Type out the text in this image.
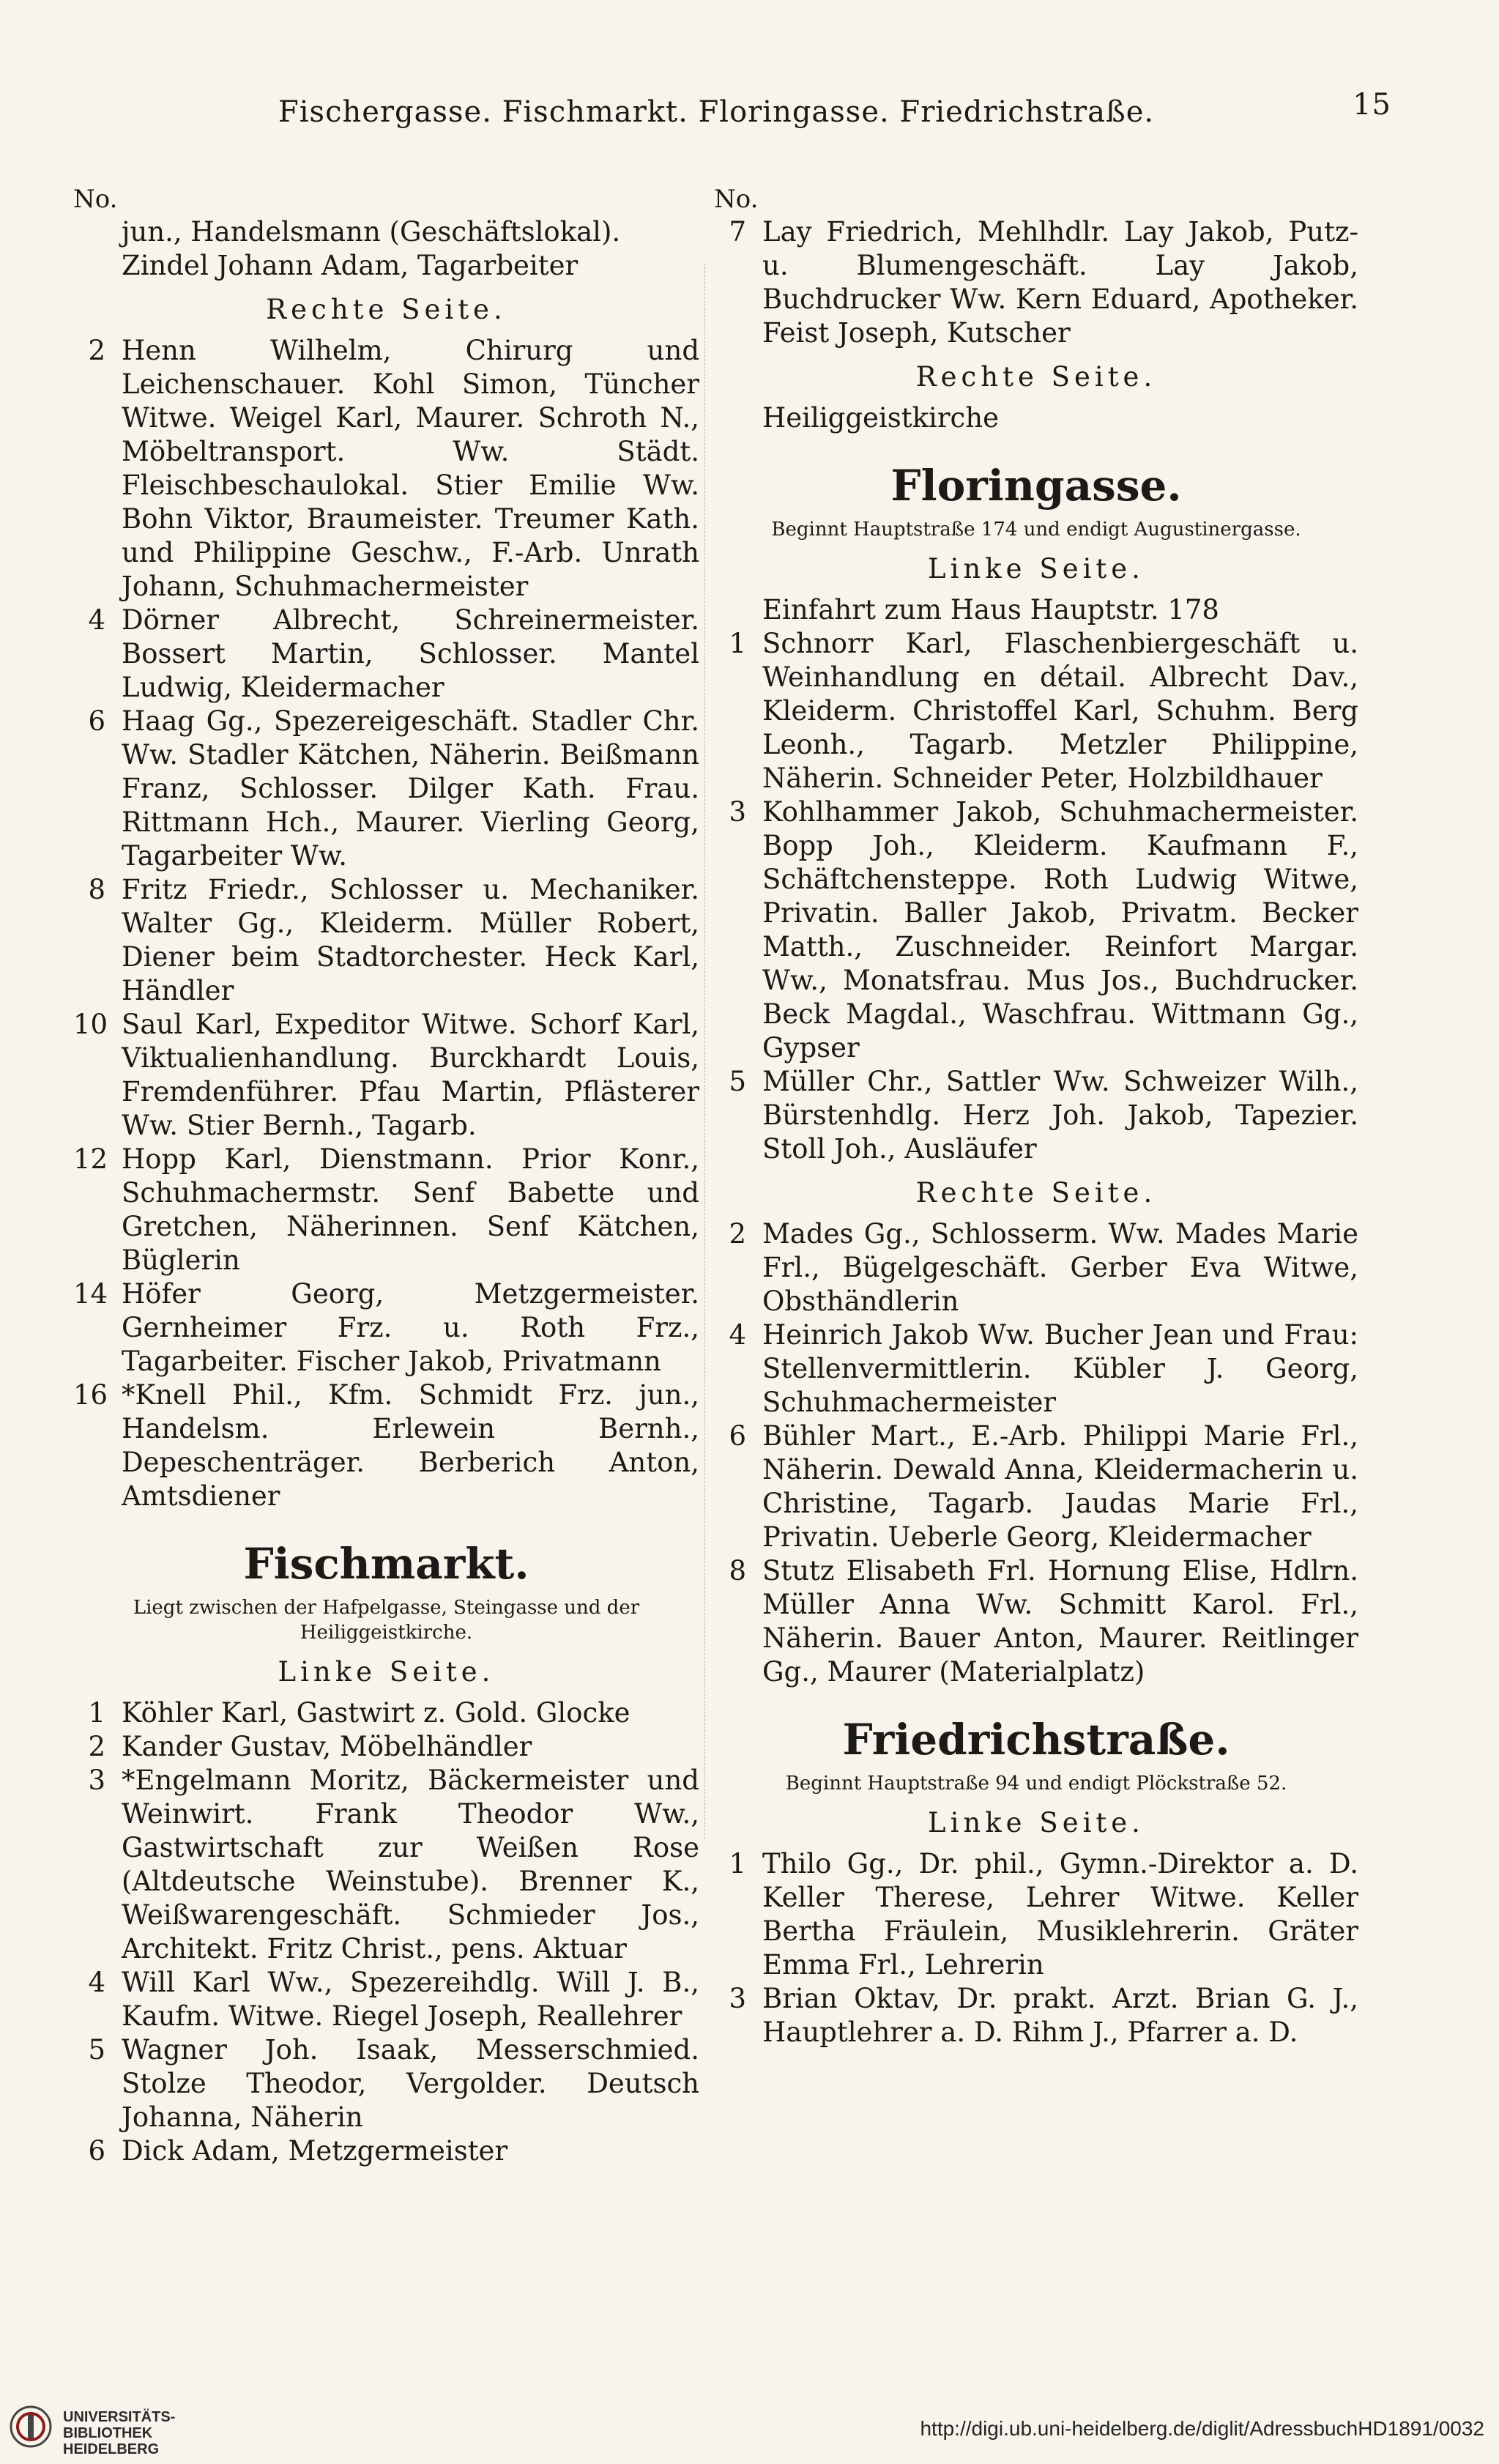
Fischergasse. Fischmarkt. Floringasse. Friedrichstraße.	15
No.
jun., Handelsmann (Geschäftslokal).
Zindel Johann Adam, Tagarbeiter
Rechte Seite.
2 Henn Wilhelm, Chirurg und Leichenschauer. Kohl Simon, Tüncher Witwe. Weigel Karl, Maurer. Schroth N., Möbeltransport. Ww. Städt. Fleischbeschaulokal. Stier Emilie Ww. Bohn Viktor, Braumeister. Treumer Kath. und Philippine Geschw., F.-Arb. Unrath Johann, Schuhmachermeister
4 Dörner Albrecht, Schreinermeister. Bossert Martin, Schlosser. Mantel Ludwig, Kleidermacher
6 Haag Gg., Spezereigeschäft. Stadler Chr. Ww. Stadler Kätchen, Näherin. Beißmann Franz, Schlosser. Dilger Kath. Frau. Rittmann Hch., Maurer. Vierling Georg, Tagarbeiter Ww.
8 Fritz Friedr., Schlosser u. Mechaniker. Walter Gg., Kleiderm. Müller Robert, Diener beim Stadtorchester. Heck Karl, Händler
10 Saul Karl, Expeditor Witwe. Schorf Karl, Viktualienhandlung. Burckhardt Louis, Fremdenführer. Pfau Martin, Pflästerer Ww. Stier Bernh., Tagarb.
12 Hopp Karl, Dienstmann. Prior Konr., Schuhmachermstr. Senf Babette und Gretchen, Näherinnen. Senf Kätchen, Büglerin
14 Höfer Georg, Metzgermeister. Gernheimer Frz. u. Roth Frz., Tagarbeiter. Fischer Jakob, Privatmann
16 *Knell Phil., Kfm. Schmidt Frz. jun., Handelsm. Erlewein Bernh., Depeschenträger. Berberich Anton, Amtsdiener
Fischmarkt.
Liegt zwischen der Hafpelgasse, Steingasse und der Heiliggeistkirche.
Linke Seite.
1 Köhler Karl, Gastwirt z. Gold. Glocke
2 Kander Gustav, Möbelhändler
3 *Engelmann Moritz, Bäckermeister und Weinwirt. Frank Theodor Ww., Gastwirtschaft zur Weißen Rose (Altdeutsche Weinstube). Brenner K., Weißwarengeschäft. Schmieder Jos., Architekt. Fritz Christ., pens. Aktuar
4 Will Karl Ww., Spezereihdlg. Will J. B., Kaufm. Witwe. Riegel Joseph, Reallehrer
5 Wagner Joh. Isaak, Messerschmied. Stolze Theodor, Vergolder. Deutsch Johanna, Näherin
6 Dick Adam, Metzgermeister
No.
7 Lay Friedrich, Mehlhdlr. Lay Jakob, Putz- u. Blumengeschäft. Lay Jakob, Buchdrucker Ww. Kern Eduard, Apotheker. Feist Joseph, Kutscher
Rechte Seite.
Heiliggeistkirche
Floringasse.
Beginnt Hauptstraße 174 und endigt Augustinergasse.
Linke Seite.
Einfahrt zum Haus Hauptstr. 178
1 Schnorr Karl, Flaschenbiergeschäft u. Weinhandlung en détail. Albrecht Dav., Kleiderm. Christoffel Karl, Schuhm. Berg Leonh., Tagarb. Metzler Philippine, Näherin. Schneider Peter, Holzbildhauer
3 Kohlhammer Jakob, Schuhmachermeister. Bopp Joh., Kleiderm. Kaufmann F., Schäftchensteppe. Roth Ludwig Witwe, Privatin. Baller Jakob, Privatm. Becker Matth., Zuschneider. Reinfort Margar. Ww., Monatsfrau. Mus Jos., Buchdrucker. Beck Magdal., Waschfrau. Wittmann Gg., Gypser
5 Müller Chr., Sattler Ww. Schweizer Wilh., Bürstenhdlg. Herz Joh. Jakob, Tapezier. Stoll Joh., Ausläufer
Rechte Seite.
2 Mades Gg., Schlosserm. Ww. Mades Marie Frl., Bügelgeschäft. Gerber Eva Witwe, Obsthändlerin
4 Heinrich Jakob Ww. Bucher Jean und Frau: Stellenvermittlerin. Kübler J. Georg, Schuhmachermeister
6 Bühler Mart., E.-Arb. Philippi Marie Frl., Näherin. Dewald Anna, Kleidermacherin u. Christine, Tagarb. Jaudas Marie Frl., Privatin. Ueberle Georg, Kleidermacher
8 Stutz Elisabeth Frl. Hornung Elise, Hdlrn. Müller Anna Ww. Schmitt Karol. Frl., Näherin. Bauer Anton, Maurer. Reitlinger Gg., Maurer (Materialplatz)
Friedrichstraße.
Beginnt Hauptstraße 94 und endigt Plöckstraße 52.
Linke Seite.
1 Thilo Gg., Dr. phil., Gymn.-Direktor a. D. Keller Therese, Lehrer Witwe. Keller Bertha Fräulein, Musiklehrerin. Gräter Emma Frl., Lehrerin
3 Brian Oktav, Dr. prakt. Arzt. Brian G. J., Hauptlehrer a. D. Rihm J., Pfarrer a. D.
UNIVERSITÄTS-
BIBLIOTHEK
HEIDELBERG
http://digi.ub.uni-heidelberg.de/diglit/AdressbuchHD1891/0032
